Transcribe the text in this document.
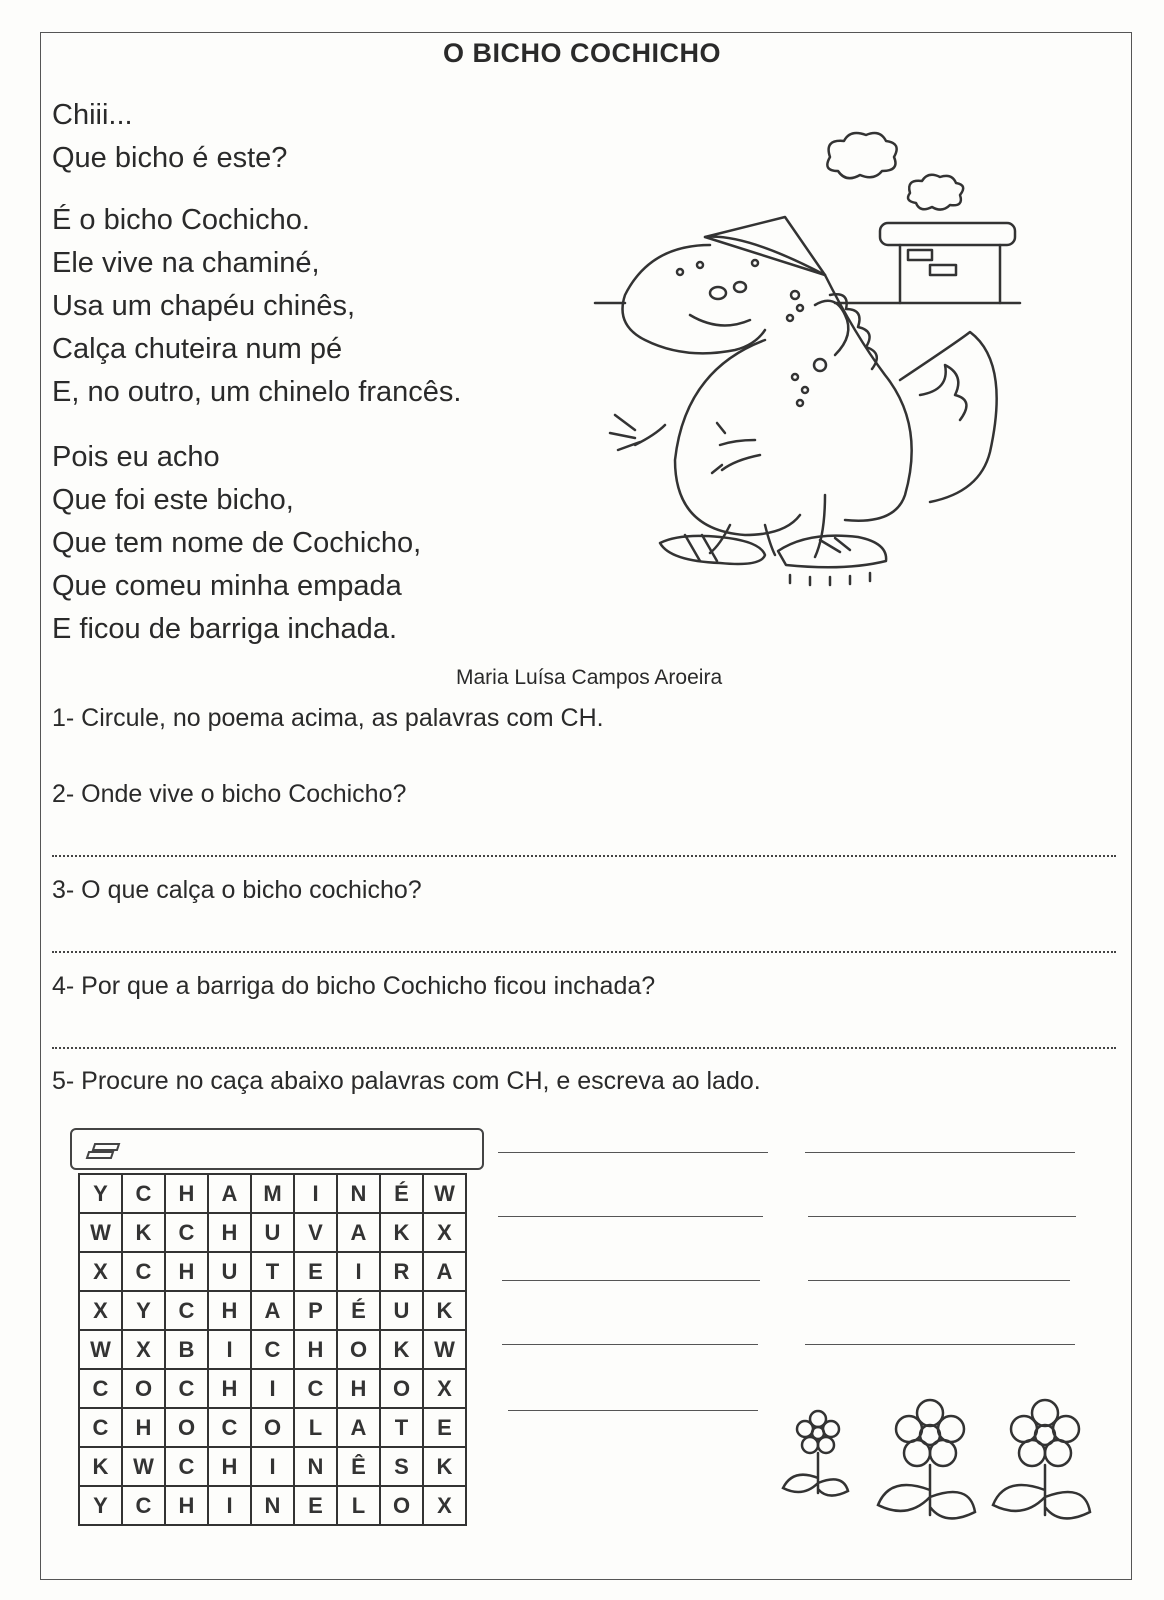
O BICHO COCHICHO
Chiii...
Que bicho é este?
É o bicho Cochicho.
Ele vive na chaminé,
Usa um chapéu chinês,
Calça chuteira num pé
E, no outro, um chinelo francês.
Pois eu acho
Que foi este bicho,
Que tem nome de Cochicho,
Que comeu minha empada
E ficou de barriga inchada.
Maria Luísa Campos Aroeira
1- Circule, no poema acima, as palavras com CH.
2- Onde vive o bicho Cochicho?
3- O que calça o bicho cochicho?
4- Por que a barriga do bicho Cochicho ficou inchada?
5- Procure no caça abaixo palavras com CH, e escreva ao lado.
Y	C	H	A	M	I	N	É	W
W	K	C	H	U	V	A	K	X
X	C	H	U	T	E	I	R	A
X	Y	C	H	A	P	É	U	K
W	X	B	I	C	H	O	K	W
C	O	C	H	I	C	H	O	X
C	H	O	C	O	L	A	T	E
K	W	C	H	I	N	Ê	S	K
Y	C	H	I	N	E	L	O	X
